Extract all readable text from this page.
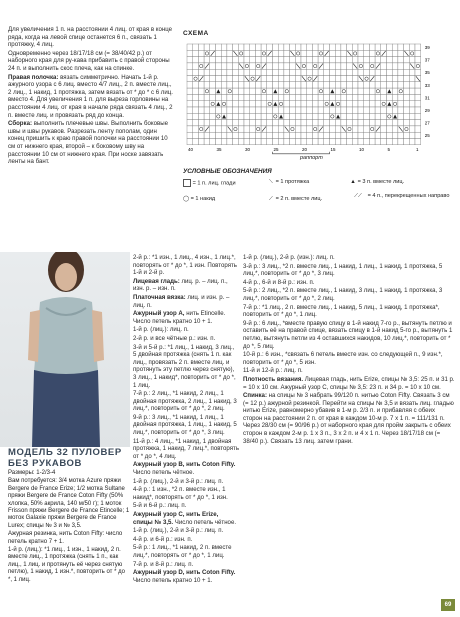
Для увеличения 1 п. на расстоянии 4 лиц. от края в конце ряда, когда на левой спице останется 6 п., связать 1 протяжку, 4 лиц.

Одновременно через 18/17/18 см (= 38/40/42 р.) от наборного края для ру-кава прибавить с правой стороны 24 п. и выполнить скос плеча, как на спинке.

Правая полочка: вязать симметрично. Начать 1-й р. ажурного узора с 6 лиц. вместо 4/7 лиц., 2 п. вместе лиц., 2 лиц., 1 накид, 1 протяжка, затем вязать от * до * с 6 лиц. вместо 4. Для увеличения 1 п. для выреза горловины на расстоянии 4 лиц. от края в начале ряда связать 4 лиц., 2 п. вместе лиц. и провязать ряд до конца.

Сборка: выполнить плечевые швы. Выполнить боковые швы и швы рукавов. Разрезать ленту пополам, один конец пришить к краю правой полочки на расстоянии 10 см от нижнего края, второй – к боковому шву на расстоянии 10 см от нижнего края. При носке завязать ленты на бант.

СХЕМА
39
37
35
33
31
29
27
25
40	35	30	25	20	15	10	5	1
раппорт
УСЛОВНЫЕ ОБОЗНАЧЕНИЯ
= 1 п. лиц. глади	⟍ = 1 протяжка	▲ = 3 п. вместе лиц.
◯ = 1 накид	⟋ = 2 п. вместе лиц.	⟋⟋ = 4 п., перекрещенных направо
МОДЕЛЬ 32 ПУЛОВЕР БЕЗ РУКАВОВ

Размеры: 1-2/3-4

Вам потребуется: 3/4 мотка Azure пряжи Bergere de France Erize; 1/2 мотка Sultane пряжи Bergere de France Coton Fifty (50% хлопка, 50% акрила, 140 м/50 г); 1 моток Frisson пряжи Bergere de France Etincelle; 1 моток Galaxie пряжи Bergere de France Lurex; спицы № 3 и № 3,5.

Ажурная резинка, нить Coton Fifty: число петель кратно 7 + 1.

1-й р. (лиц.): *1 лиц., 1 изн., 1 накид, 2 п. вместе лиц., 1 протяжка (снять 1 п., как лиц., 1 лиц. и протянуть её через снятую петлю), 1 накид, 1 изн.*, повторить от * до *, 1 лиц.

2-й р.: *1 изн., 1 лиц., 4 изн., 1 лиц.*, повторять от * до *, 1 изн. Повторять 1-й и 2-й р.

Лицевая гладь: лиц. р. – лиц. п., изн. р. – изн. п.

Платочная вязка: лиц. и изн. р. – лиц. п.

Ажурный узор А, нить Etincelle. Число петель кратно 10 + 1.

1-й р. (лиц.): лиц. п.

2-й р. и все чётные р.: изн. п.

3-й и 5-й р.: *1 лиц., 1 накид, 3 лиц., 5 двойная протяжка (снять 1 п. как лиц., провязать 2 п. вместе лиц. и протянуть эту петлю через снятую), 3 лиц., 1 накид*, повторить от * до *, 1 лиц.

7-й р.: 2 лиц., *1 накид, 2 лиц., 1 двойная протяжка, 2 лиц., 1 накид, 3 лиц.*, повторить от * до *, 2 лиц.

9-й р.: 3 лиц., *1 накид, 1 лиц., 1 двойная протяжка, 1 лиц., 1 накид, 5 лиц.*, повторить от * до *, 3 лиц.

11-й р.: 4 лиц., *1 накид, 1 двойная протяжка, 1 накид, 7 лиц.*, повторять от * до *, 4 лиц.

Ажурный узор В, нить Coton Fifty. Число петель чётное.

1-й р. (лиц.), 2-й и 3-й р.: лиц. п.

4-й р.: 1 изн., *2 п. вместе изн., 1 накид*, повторять от * до *, 1 изн.

5-й и 6-й р.: лиц. п.

Ажурный узор С, нить Erize, спицы № 3,5. Число петель чётное.

1-й р. (лиц.), 2-й и 3-й р.: лиц. п.

4-й р. и 6-й р.: изн. п.

5-й р.: 1 лиц., *1 накид, 2 п. вместе лиц.*, повторять от * до *, 1 лиц.

7-й р. и 8-й р.: лиц. п.

Ажурный узор D, нить Coton Fifty. Число петель кратно 10 + 1.

1-й р. (лиц.), 2-й р. (изн.): лиц. п.

3-й р.: 3 лиц., *2 п. вместе лиц., 1 накид, 1 лиц., 1 накид, 1 протяжка, 5 лиц.*, повторить от * до *, 3 лиц.

4-й р., 6-й и 8-й р.: изн. п.

5-й р.: 2 лиц., *2 п. вместе лиц., 1 накид, 3 лиц., 1 накид, 1 протяжка, 3 лиц.*, повторить от * до *, 2 лиц.

7-й р.: *1 лиц., 2 п. вместе лиц., 1 накид, 5 лиц., 1 накид, 1 протяжка*, повторить от * до *, 1 лиц.

9-й р.: 6 лиц., *вместе правую спицу в 1-й накид 7-го р., вытянуть петлю и оставить её на правой спице, вязать спицу в 1-й накид 5-го р., вытянуть 1 петлю, вытянуть петли из 4 оставшихся накидов, 10 лиц.*, повторить от * до *, 5 лиц.

10-й р.: 6 изн., *связать 6 петель вместе изн. со следующей п., 9 изн.*, повторить от * до *, 5 изн.

11-й и 12-й р.: лиц. п.

Плотность вязания. Лицевая гладь, нить Erize, спицы № 3,5: 25 п. и 31 р. = 10 х 10 см. Ажурный узор С, спицы № 3,5: 23 п. и 34 р. = 10 х 10 см.

Спинка: на спицы № 3 набрать 99/120 п. нитью Coton Fifty. Связать 3 см (= 12 р.) ажурной резинкой. Перейти на спицы № 3,5 и вязать лиц. гладью нитью Erize, равномерно убавив в 1-м р. 2/3 п. и прибавляя с обеих сторон на расстоянии 2 п. от края в каждом 10-м р. 7 х 1 п. = 111/131 п. Через 28/30 см (= 90/96 р.) от наборного края для пройм закрыть с обеих сторон в каждом 2-м р. 1 х 3 п., 3 х 2 п. и 4 х 1 п. Через 18/17/18 см (= 38/40 р.). Связать 13 лиц. затем грани.

69
